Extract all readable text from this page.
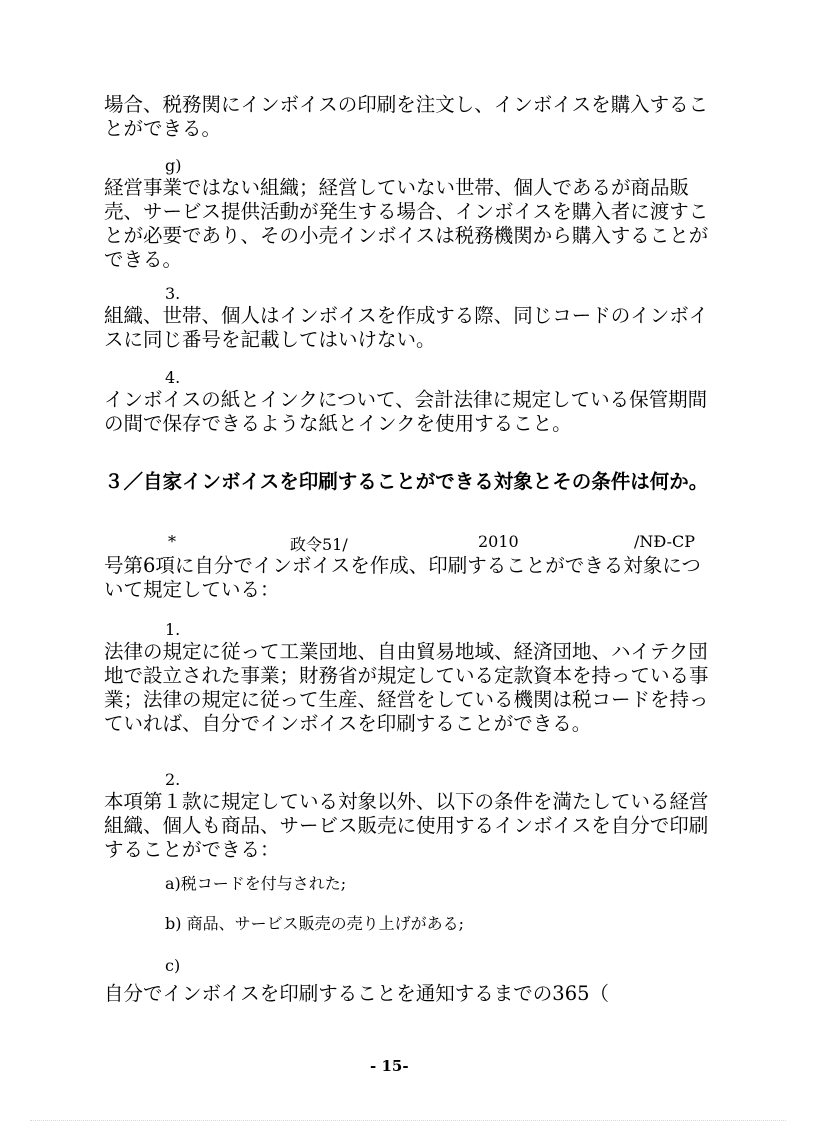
場合、税務関にインボイスの印刷を注文し、インボイスを購入することができる。
g)
経営事業ではない組織；経営していない世帯、個人であるが商品販売、サービス提供活動が発生する場合、インボイスを購入者に渡すことが必要であり、その小売インボイスは税務機関から購入することができる。
3.
組織、世帯、個人はインボイスを作成する際、同じコードのインボイスに同じ番号を記載してはいけない。
4.
インボイスの紙とインクについて、会計法律に規定している保管期間の間で保存できるような紙とインクを使用すること。
３／自家インボイスを印刷することができる対象とその条件は何か。
*	政令51/	2010	/NĐ-CP
号第6項に自分でインボイスを作成、印刷することができる対象について規定している：
1.
法律の規定に従って工業団地、自由貿易地域、経済団地、ハイテク団地で設立された事業；財務省が規定している定款資本を持っている事業；法律の規定に従って生産、経営をしている機関は税コードを持っていれば、自分でインボイスを印刷することができる。
2.
本項第１款に規定している対象以外、以下の条件を満たしている経営組織、個人も商品、サービス販売に使用するインボイスを自分で印刷することができる：
a)税コードを付与された;
b) 商品、サービス販売の売り上げがある;
c)
自分でインボイスを印刷することを通知するまでの365（
- 15-
